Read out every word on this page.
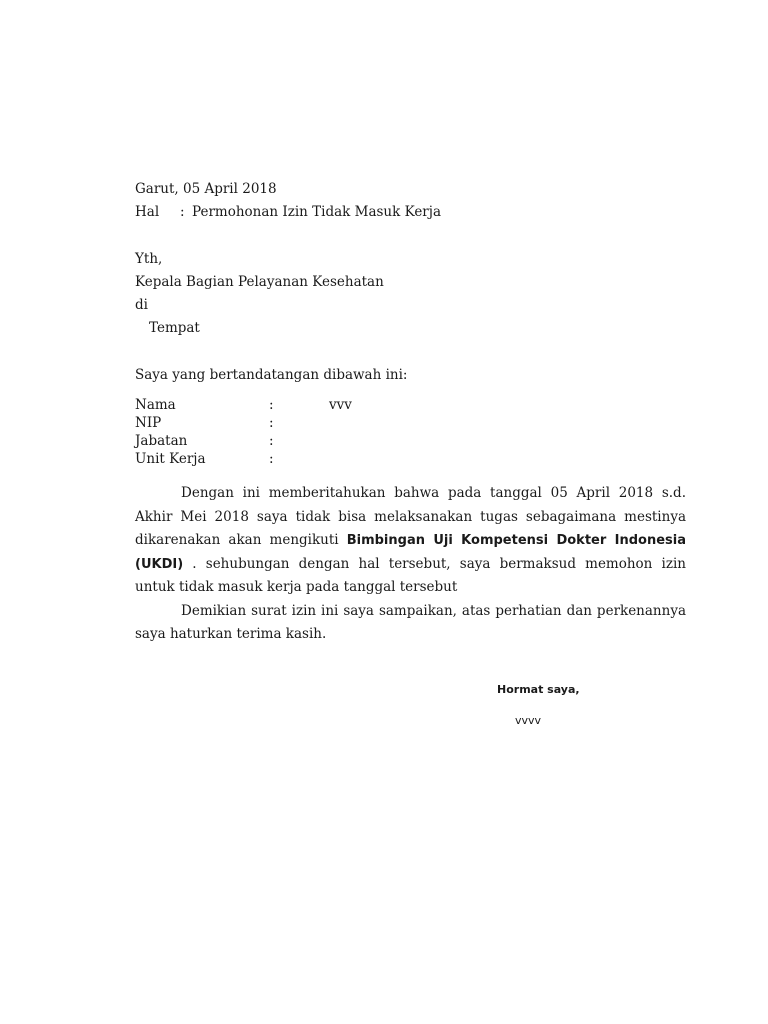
Garut, 05 April 2018
Hal : Permohonan Izin Tidak Masuk Kerja
Yth,
Kepala Bagian Pelayanan Kesehatan
di
Tempat
Saya yang bertandatangan dibawah ini:
Nama	:	vvv
NIP	:
Jabatan	:
Unit Kerja	:

Dengan ini memberitahukan bahwa pada tanggal 05 April 2018 s.d. Akhir Mei 2018 saya tidak bisa melaksanakan tugas sebagaimana mestinya dikarenakan akan mengikuti Bimbingan Uji Kompetensi Dokter Indonesia (UKDI) . sehubungan dengan hal tersebut, saya bermaksud memohon izin untuk tidak masuk kerja pada tanggal tersebut

Demikian surat izin ini saya sampaikan, atas perhatian dan perkenannya saya haturkan terima kasih.

Hormat saya,
vvvv
